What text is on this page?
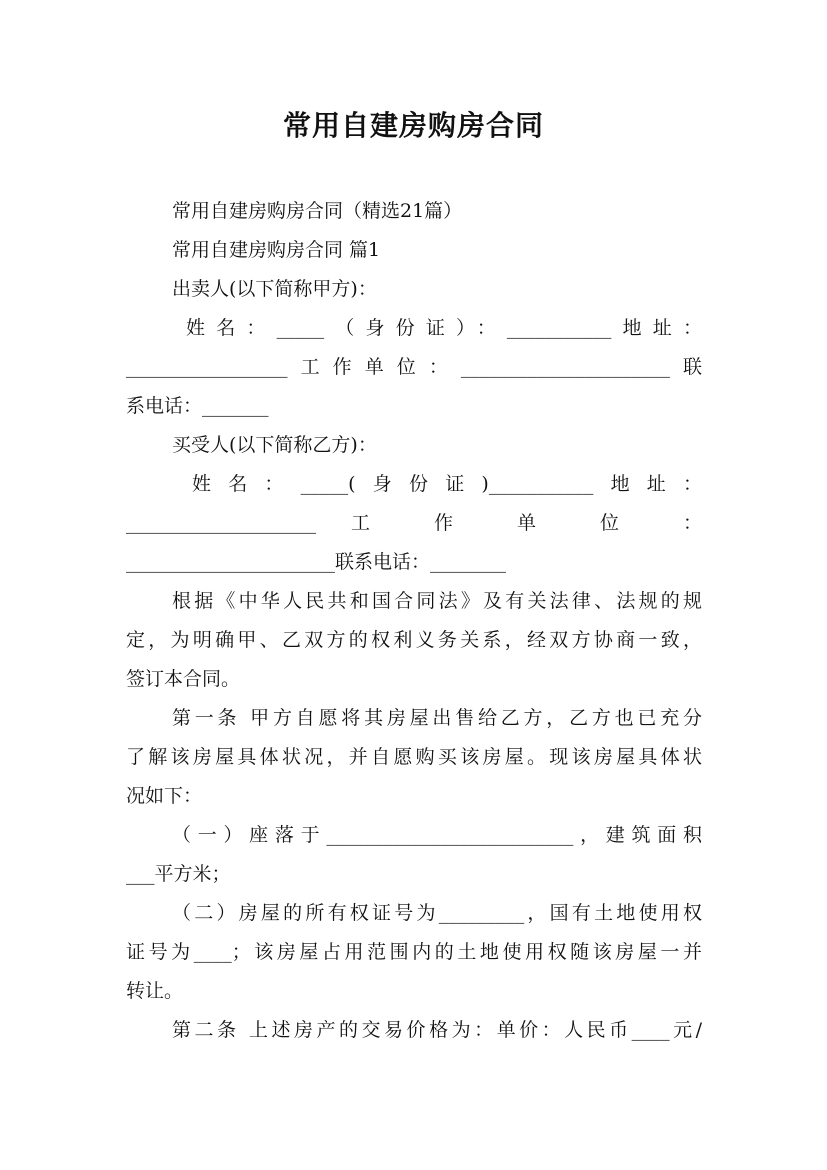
常用自建房购房合同
常用自建房购房合同（精选21篇）
常用自建房购房合同 篇1
出卖人(以下简称甲方)：
姓名：_____（身份证）：___________地址：
_________________工作单位：______________________联
系电话：_______
买受人(以下简称乙方)：
姓名：_____(身份证)___________地址：
____________________ 工 作 单 位 ：
______________________联系电话：________
根据《中华人民共和国合同法》及有关法律、法规的规
定，为明确甲、乙双方的权利义务关系，经双方协商一致，
签订本合同。
第一条 甲方自愿将其房屋出售给乙方，乙方也已充分
了解该房屋具体状况，并自愿购买该房屋。现该房屋具体状
况如下：
（一）座落于__________________________，建筑面积
___平方米；
（二）房屋的所有权证号为_________，国有土地使用权
证号为____；该房屋占用范围内的土地使用权随该房屋一并
转让。
第二条 上述房产的交易价格为：单价：人民币____元/
